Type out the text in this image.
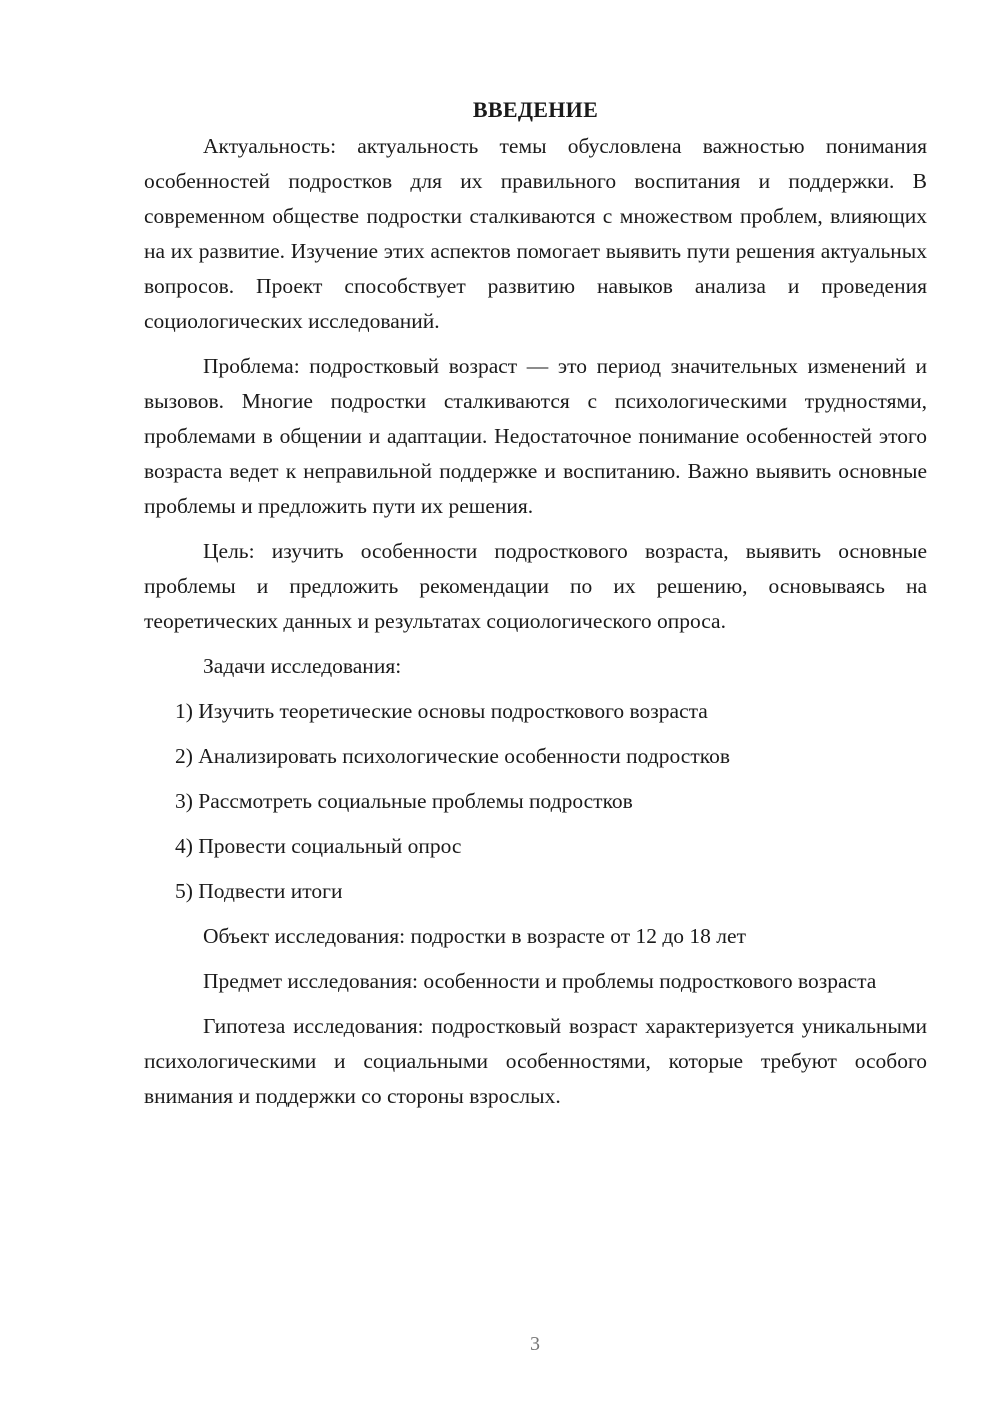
ВВЕДЕНИЕ

Актуальность: актуальность темы обусловлена важностью понимания особенностей подростков для их правильного воспитания и поддержки. В современном обществе подростки сталкиваются с множеством проблем, влияющих на их развитие. Изучение этих аспектов помогает выявить пути решения актуальных вопросов. Проект способствует развитию навыков анализа и проведения социологических исследований.

Проблема: подростковый возраст — это период значительных изменений и вызовов. Многие подростки сталкиваются с психологическими трудностями, проблемами в общении и адаптации. Недостаточное понимание особенностей этого возраста ведет к неправильной поддержке и воспитанию. Важно выявить основные проблемы и предложить пути их решения.

Цель: изучить особенности подросткового возраста, выявить основные проблемы и предложить рекомендации по их решению, основываясь на теоретических данных и результатах социологического опроса.

Задачи исследования:

1) Изучить теоретические основы подросткового возраста
2) Анализировать психологические особенности подростков
3) Рассмотреть социальные проблемы подростков
4) Провести социальный опрос
5) Подвести итоги

Объект исследования: подростки в возрасте от 12 до 18 лет

Предмет исследования: особенности и проблемы подросткового возраста

Гипотеза исследования: подростковый возраст характеризуется уникальными психологическими и социальными особенностями, которые требуют особого внимания и поддержки со стороны взрослых.

3
